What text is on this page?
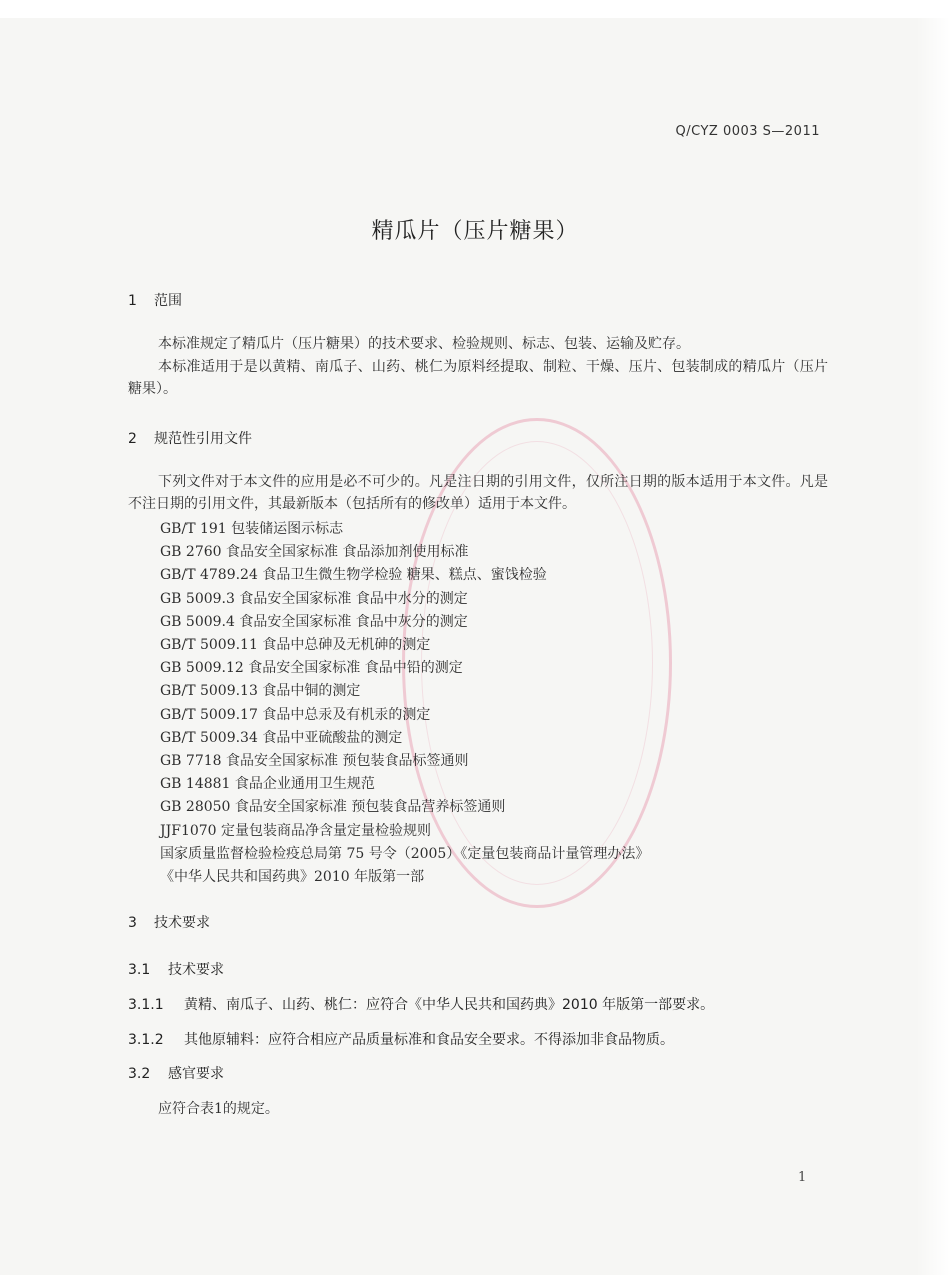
Q/CYZ 0003 S—2011
精瓜片（压片糖果）
1 范围
本标准规定了精瓜片（压片糖果）的技术要求、检验规则、标志、包装、运输及贮存。
本标准适用于是以黄精、南瓜子、山药、桃仁为原料经提取、制粒、干燥、压片、包装制成的精瓜片（压片糖果）。
2 规范性引用文件
下列文件对于本文件的应用是必不可少的。凡是注日期的引用文件，仅所注日期的版本适用于本文件。凡是不注日期的引用文件，其最新版本（包括所有的修改单）适用于本文件。
GB/T 191 包装储运图示标志
GB 2760 食品安全国家标准 食品添加剂使用标准
GB/T 4789.24 食品卫生微生物学检验 糖果、糕点、蜜饯检验
GB 5009.3 食品安全国家标准 食品中水分的测定
GB 5009.4 食品安全国家标准 食品中灰分的测定
GB/T 5009.11 食品中总砷及无机砷的测定
GB 5009.12 食品安全国家标准 食品中铅的测定
GB/T 5009.13 食品中铜的测定
GB/T 5009.17 食品中总汞及有机汞的测定
GB/T 5009.34 食品中亚硫酸盐的测定
GB 7718 食品安全国家标准 预包装食品标签通则
GB 14881 食品企业通用卫生规范
GB 28050 食品安全国家标准 预包装食品营养标签通则
JJF1070 定量包装商品净含量定量检验规则
国家质量监督检验检疫总局第 75 号令（2005）《定量包装商品计量管理办法》
《中华人民共和国药典》2010 年版第一部
3 技术要求
3.1 技术要求
3.1.1 黄精、南瓜子、山药、桃仁：应符合《中华人民共和国药典》2010 年版第一部要求。
3.1.2 其他原辅料：应符合相应产品质量标准和食品安全要求。不得添加非食品物质。
3.2 感官要求
应符合表1的规定。
1
